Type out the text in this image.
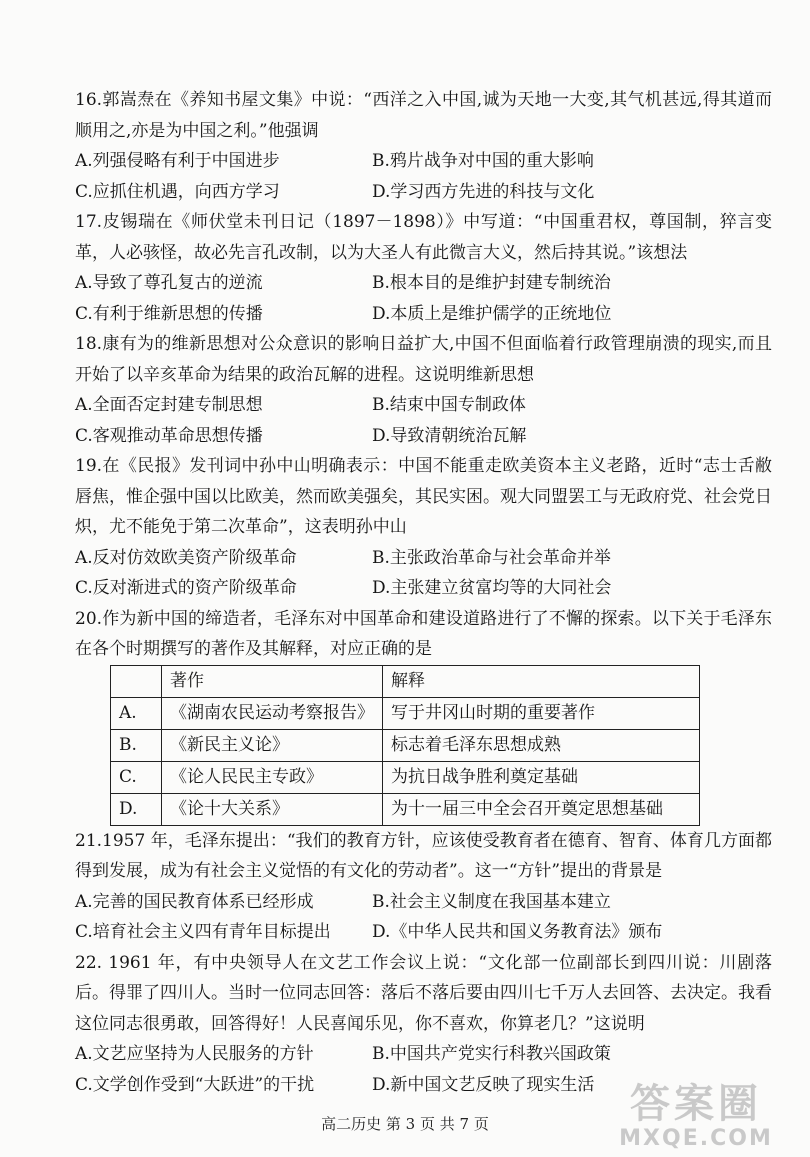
16.郭嵩焘在《养知书屋文集》中说：“西洋之入中国,诚为天地一大变,其气机甚远,得其道而顺用之,亦是为中国之利。”他强调

A.列强侵略有利于中国进步	B.鸦片战争对中国的重大影响
C.应抓住机遇，向西方学习	D.学习西方先进的科技与文化

17.皮锡瑞在《师伏堂未刊日记（1897－1898）》中写道：“中国重君权，尊国制，猝言变革，人必骇怪，故必先言孔改制，以为大圣人有此微言大义，然后持其说。”该想法

A.导致了尊孔复古的逆流	B.根本目的是维护封建专制统治
C.有利于维新思想的传播	D.本质上是维护儒学的正统地位

18.康有为的维新思想对公众意识的影响日益扩大,中国不但面临着行政管理崩溃的现实,而且开始了以辛亥革命为结果的政治瓦解的进程。这说明维新思想

A.全面否定封建专制思想	B.结束中国专制政体
C.客观推动革命思想传播	D.导致清朝统治瓦解

19.在《民报》发刊词中孙中山明确表示：中国不能重走欧美资本主义老路，近时“志士舌敝唇焦，惟企强中国以比欧美，然而欧美强矣，其民实困。观大同盟罢工与无政府党、社会党日炽，尤不能免于第二次革命”，这表明孙中山

A.反对仿效欧美资产阶级革命	B.主张政治革命与社会革命并举
C.反对渐进式的资产阶级革命	D.主张建立贫富均等的大同社会

20.作为新中国的缔造者，毛泽东对中国革命和建设道路进行了不懈的探索。以下关于毛泽东在各个时期撰写的著作及其解释，对应正确的是

	著作	解释
A.	《湖南农民运动考察报告》	写于井冈山时期的重要著作
B.	《新民主义论》	标志着毛泽东思想成熟
C.	《论人民民主专政》	为抗日战争胜利奠定基础
D.	《论十大关系》	为十一届三中全会召开奠定思想基础

21.1957 年，毛泽东提出：“我们的教育方针，应该使受教育者在德育、智育、体育几方面都得到发展，成为有社会主义觉悟的有文化的劳动者”。这一“方针”提出的背景是

A.完善的国民教育体系已经形成	B.社会主义制度在我国基本建立
C.培育社会主义四有青年目标提出	D.《中华人民共和国义务教育法》颁布

22. 1961 年，有中央领导人在文艺工作会议上说：“文化部一位副部长到四川说：川剧落后。得罪了四川人。当时一位同志回答：落后不落后要由四川七千万人去回答、去决定。我看这位同志很勇敢，回答得好！人民喜闻乐见，你不喜欢，你算老几？”这说明

A.文艺应坚持为人民服务的方针	B.中国共产党实行科教兴国政策
C.文学创作受到“大跃进”的干扰	D.新中国文艺反映了现实生活
高二历史 第 3 页 共 7 页	答案圈
MXQE.COM
